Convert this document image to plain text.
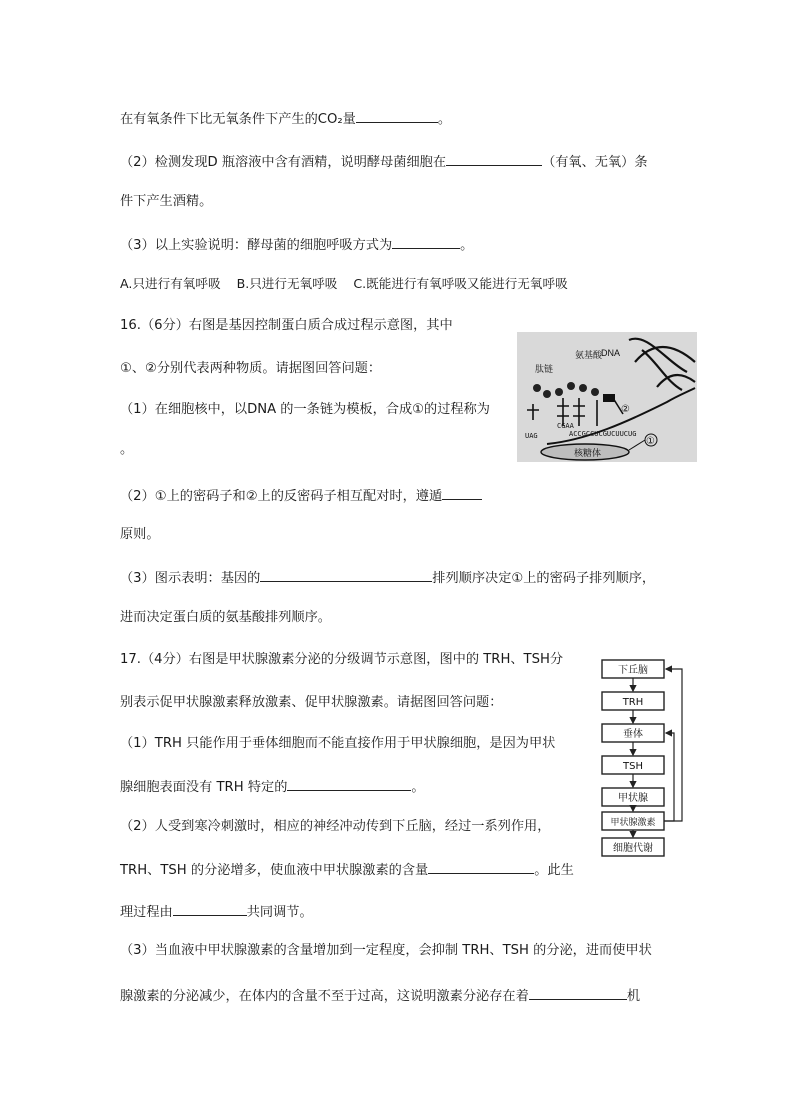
在有氧条件下比无氧条件下产生的CO₂量	。
（2）检测发现D 瓶溶液中含有酒精，说明酵母菌细胞在	（有氧、无氧）条
件下产生酒精。
（3）以上实验说明：酵母菌的细胞呼吸方式为	。
A.只进行有氧呼吸    B.只进行无氧呼吸    C.既能进行有氧呼吸又能进行无氧呼吸
16.（6分）右图是基因控制蛋白质合成过程示意图，其中
①、②分别代表两种物质。请据图回答问题：
（1）在细胞核中，以DNA 的一条链为模板，合成①的过程称为
。
（2）①上的密码子和②上的反密码子相互配对时，遵遁
原则。
（3）图示表明：基因的	排列顺序决定①上的密码子排列顺序，
进而决定蛋白质的氨基酸排列顺序。
DNA
肽链
氨基酸
②
ACCGCCUCGUCUUCUG
UAG
CGAA
核糖体
①
17.（4分）右图是甲状腺激素分泌的分级调节示意图，图中的 TRH、TSH分
别表示促甲状腺激素释放激素、促甲状腺激素。请据图回答问题：
（1）TRH 只能作用于垂体细胞而不能直接作用于甲状腺细胞，是因为甲状
腺细胞表面没有 TRH 特定的	。
（2）人受到寒冷刺激时，相应的神经冲动传到下丘脑，经过一系列作用，
TRH、TSH 的分泌增多，使血液中甲状腺激素的含量	。此生
理过程由	共同调节。
（3）当血液中甲状腺激素的含量增加到一定程度，会抑制 TRH、TSH 的分泌，进而使甲状
腺激素的分泌减少，在体内的含量不至于过高，这说明激素分泌存在着	机
下丘脑
TRH
垂体
TSH
甲状腺
甲状腺激素
细胞代谢
